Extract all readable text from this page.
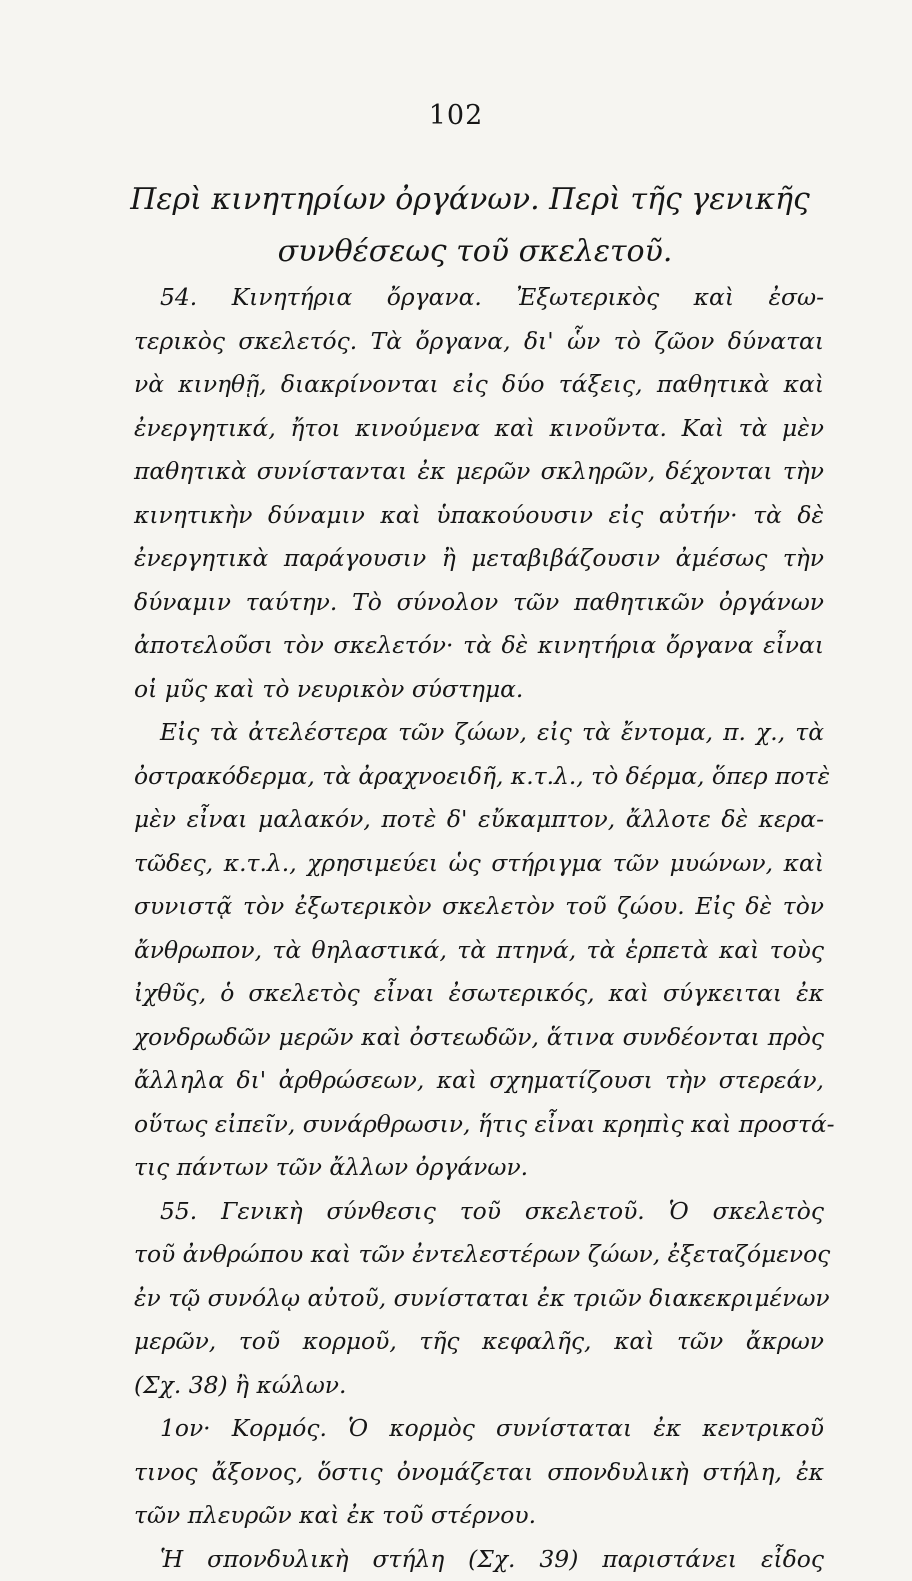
102
Περὶ κινητηρίων ὀργάνων. Περὶ τῆς γενικῆς
συνθέσεως τοῦ σκελετοῦ.
54. Κινητήρια ὄργανα. Ἐξωτερικὸς καὶ ἐσω-
τερικὸς σκελετός. Τὰ ὄργανα, δι' ὧν τὸ ζῶον δύναται
νὰ κινηθῇ, διακρίνονται εἰς δύο τάξεις, παθητικὰ καὶ
ἐνεργητικά, ἤτοι κινούμενα καὶ κινοῦντα. Καὶ τὰ μὲν
παθητικὰ συνίστανται ἐκ μερῶν σκληρῶν, δέχονται τὴν
κινητικὴν δύναμιν καὶ ὑπακούουσιν εἰς αὐτήν· τὰ δὲ
ἐνεργητικὰ παράγουσιν ἢ μεταβιβάζουσιν ἀμέσως τὴν
δύναμιν ταύτην. Τὸ σύνολον τῶν παθητικῶν ὀργάνων
ἀποτελοῦσι τὸν σκελετόν· τὰ δὲ κινητήρια ὄργανα εἶναι
οἱ μῦς καὶ τὸ νευρικὸν σύστημα.
Εἰς τὰ ἀτελέστερα τῶν ζώων, εἰς τὰ ἔντομα, π. χ., τὰ
ὀστρακόδερμα, τὰ ἀραχνοειδῆ, κ.τ.λ., τὸ δέρμα, ὅπερ ποτὲ
μὲν εἶναι μαλακόν, ποτὲ δ' εὔκαμπτον, ἄλλοτε δὲ κερα-
τῶδες, κ.τ.λ., χρησιμεύει ὡς στήριγμα τῶν μυώνων, καὶ
συνιστᾷ τὸν ἐξωτερικὸν σκελετὸν τοῦ ζώου. Εἰς δὲ τὸν
ἄνθρωπον, τὰ θηλαστικά, τὰ πτηνά, τὰ ἑρπετὰ καὶ τοὺς
ἰχθῦς, ὁ σκελετὸς εἶναι ἐσωτερικός, καὶ σύγκειται ἐκ
χονδρωδῶν μερῶν καὶ ὀστεωδῶν, ἅτινα συνδέονται πρὸς
ἄλληλα δι' ἀρθρώσεων, καὶ σχηματίζουσι τὴν στερεάν,
οὕτως εἰπεῖν, συνάρθρωσιν, ἥτις εἶναι κρηπὶς καὶ προστά-
τις πάντων τῶν ἄλλων ὀργάνων.
55. Γενικὴ σύνθεσις τοῦ σκελετοῦ. Ὁ σκελετὸς
τοῦ ἀνθρώπου καὶ τῶν ἐντελεστέρων ζώων, ἐξεταζόμενος
ἐν τῷ συνόλῳ αὐτοῦ, συνίσταται ἐκ τριῶν διακεκριμένων
μερῶν, τοῦ κορμοῦ, τῆς κεφαλῆς, καὶ τῶν ἄκρων
(Σχ. 38) ἢ κώλων.
1ον· Κορμός. Ὁ κορμὸς συνίσταται ἐκ κεντρικοῦ
τινος ἄξονος, ὅστις ὀνομάζεται σπονδυλικὴ στήλη, ἐκ
τῶν πλευρῶν καὶ ἐκ τοῦ στέρνου.
Ἡ σπονδυλικὴ στήλη (Σχ. 39) παριστάνει εἶδος
